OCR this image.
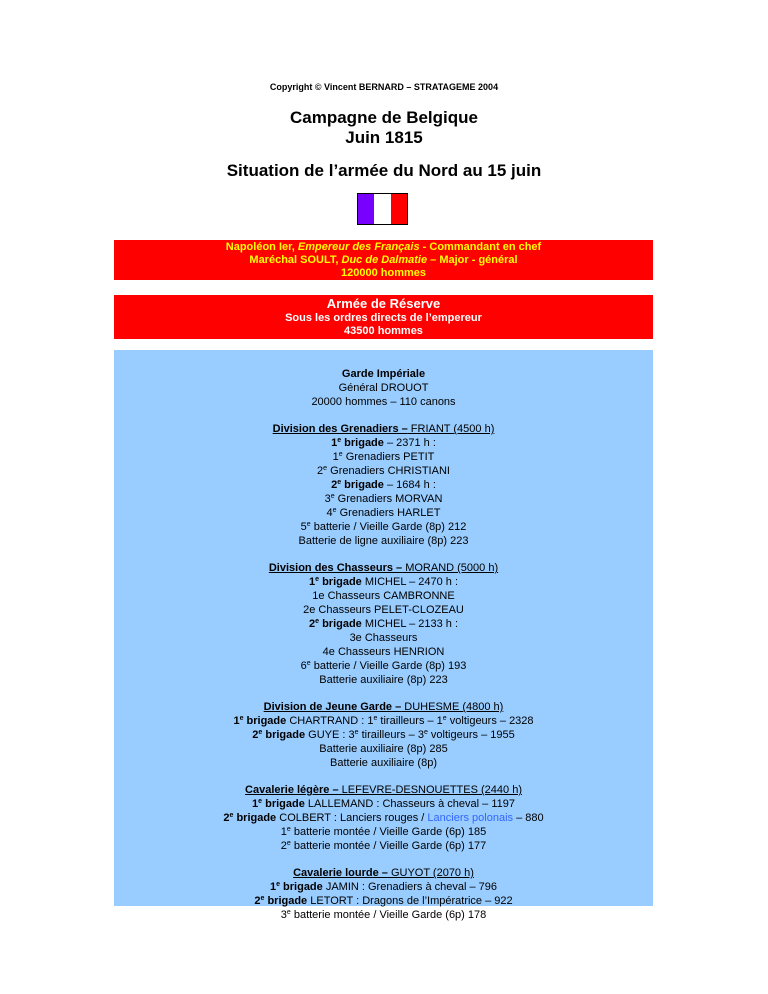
Copyright © Vincent BERNARD – STRATAGEME 2004
Campagne de Belgique
Juin 1815
Situation de l’armée du Nord au 15 juin
Napoléon Ier, Empereur des Français - Commandant en chef
Maréchal SOULT, Duc de Dalmatie – Major - général
120000 hommes
Armée de Réserve
Sous les ordres directs de l’empereur
43500 hommes
Garde Impériale
Général DROUOT
20000 hommes – 110 canons
Division des Grenadiers – FRIANT (4500 h)
1e brigade – 2371 h :
1e Grenadiers PETIT
2e Grenadiers CHRISTIANI
2e brigade – 1684 h :
3e Grenadiers MORVAN
4e Grenadiers HARLET
5e batterie / Vieille Garde (8p) 212
Batterie de ligne auxiliaire (8p) 223
Division des Chasseurs – MORAND (5000 h)
1e brigade MICHEL – 2470 h :
1e Chasseurs CAMBRONNE
2e Chasseurs PELET-CLOZEAU
2e brigade MICHEL – 2133 h :
3e Chasseurs
4e Chasseurs HENRION
6e batterie / Vieille Garde (8p) 193
Batterie auxiliaire (8p) 223
Division de Jeune Garde – DUHESME (4800 h)
1e brigade CHARTRAND : 1e tirailleurs – 1e voltigeurs – 2328
2e brigade GUYE : 3e tirailleurs – 3e voltigeurs – 1955
Batterie auxiliaire (8p) 285
Batterie auxiliaire (8p)
Cavalerie légère – LEFEVRE-DESNOUETTES (2440 h)
1e brigade LALLEMAND : Chasseurs à cheval – 1197
2e brigade COLBERT : Lanciers rouges / Lanciers polonais – 880
1e batterie montée / Vieille Garde (6p) 185
2e batterie montée / Vieille Garde (6p) 177
Cavalerie lourde – GUYOT (2070 h)
1e brigade JAMIN : Grenadiers à cheval – 796
2e brigade LETORT : Dragons de l’Impératrice – 922
3e batterie montée / Vieille Garde (6p) 178
